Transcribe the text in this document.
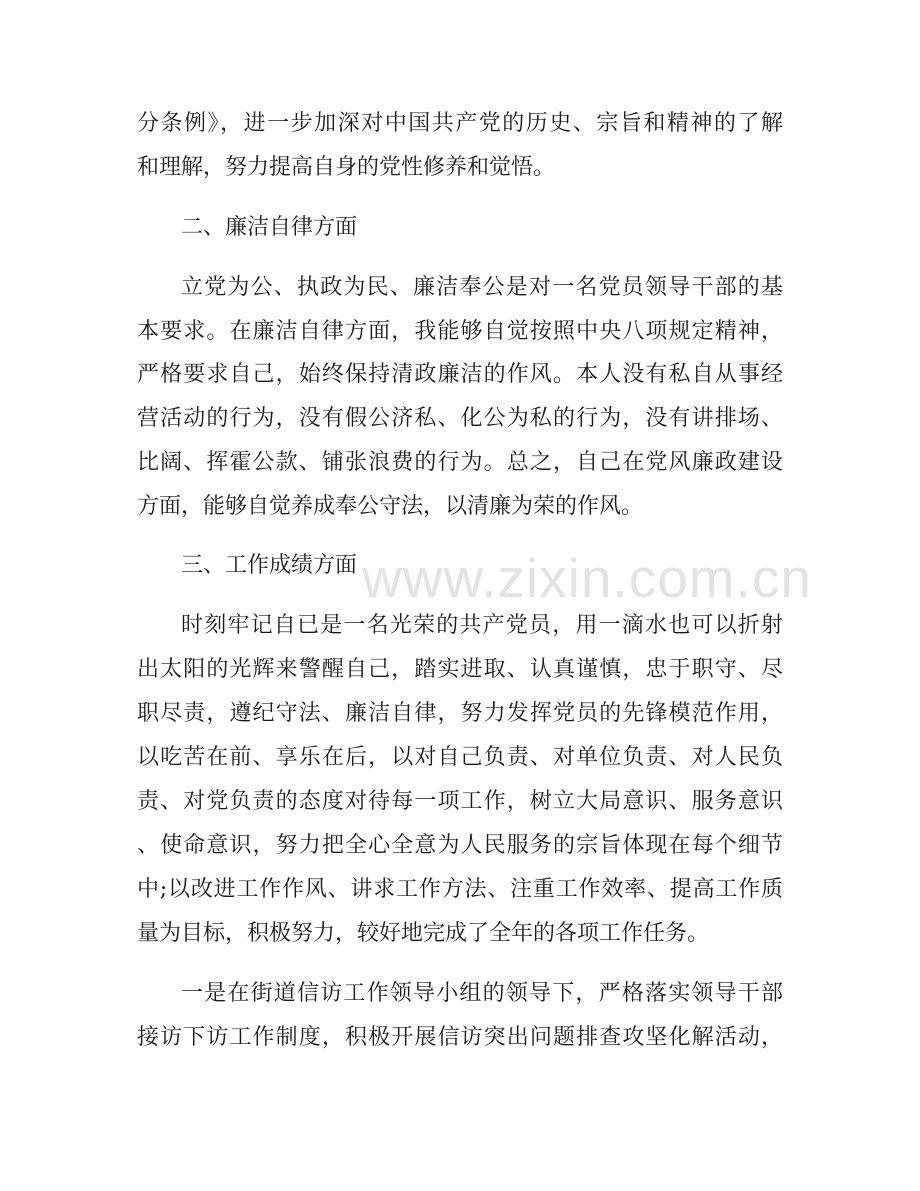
分条例》，进一步加深对中国共产党的历史、宗旨和精神的了解
和理解，努力提高自身的党性修养和觉悟。
二、廉洁自律方面
立党为公、执政为民、廉洁奉公是对一名党员领导干部的基
本要求。在廉洁自律方面，我能够自觉按照中央八项规定精神，
严格要求自己，始终保持清政廉洁的作风。本人没有私自从事经
营活动的行为，没有假公济私、化公为私的行为，没有讲排场、
比阔、挥霍公款、铺张浪费的行为。总之，自己在党风廉政建设
方面，能够自觉养成奉公守法，以清廉为荣的作风。
三、工作成绩方面
时刻牢记自已是一名光荣的共产党员，用一滴水也可以折射
出太阳的光辉来警醒自己，踏实进取、认真谨慎，忠于职守、尽
职尽责，遵纪守法、廉洁自律，努力发挥党员的先锋模范作用，
以吃苦在前、享乐在后，以对自己负责、对单位负责、对人民负
责、对党负责的态度对待每一项工作，树立大局意识、服务意识
、使命意识，努力把全心全意为人民服务的宗旨体现在每个细节
中;以改进工作作风、讲求工作方法、注重工作效率、提高工作质
量为目标，积极努力，较好地完成了全年的各项工作任务。
一是在街道信访工作领导小组的领导下，严格落实领导干部
接访下访工作制度，积极开展信访突出问题排查攻坚化解活动，
www.zixin.com.cn
